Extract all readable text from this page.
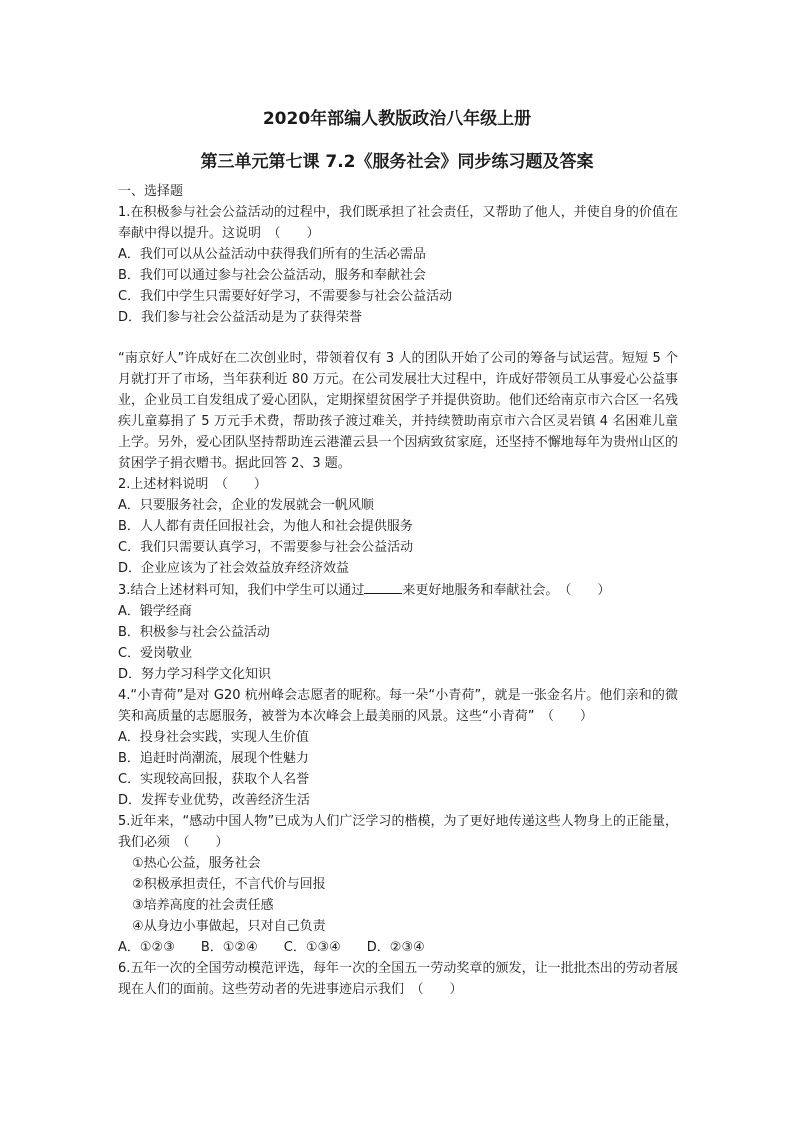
2020年部编人教版政治八年级上册
第三单元第七课 7.2《服务社会》同步练习题及答案

一、选择题

1.在积极参与社会公益活动的过程中，我们既承担了社会责任，又帮助了他人，并使自身的价值在奉献中得以提升。这说明　（　　）

A．我们可以从公益活动中获得我们所有的生活必需品

B．我们可以通过参与社会公益活动，服务和奉献社会

C．我们中学生只需要好好学习，不需要参与社会公益活动

D．我们参与社会公益活动是为了获得荣誉

“南京好人”许成好在二次创业时，带领着仅有 3 人的团队开始了公司的筹备与试运营。短短 5 个月就打开了市场，当年获利近 80 万元。在公司发展壮大过程中，许成好带领员工从事爱心公益事业，企业员工自发组成了爱心团队，定期探望贫困学子并提供资助。他们还给南京市六合区一名残疾儿童募捐了 5 万元手术费，帮助孩子渡过难关，并持续赞助南京市六合区灵岩镇 4 名困难儿童上学。另外，爱心团队坚持帮助连云港灌云县一个因病致贫家庭，还坚持不懈地每年为贵州山区的贫困学子捐衣赠书。据此回答 2、3 题。

2.上述材料说明　（　　）

A．只要服务社会，企业的发展就会一帆风顺

B．人人都有责任回报社会，为他人和社会提供服务

C．我们只需要认真学习，不需要参与社会公益活动

D．企业应该为了社会效益放弃经济效益

3.结合上述材料可知，我们中学生可以通过	来更好地服务和奉献社会。　（　　）

A．锻学经商

B．积极参与社会公益活动

C．爱岗敬业

D．努力学习科学文化知识

4.“小青荷”是对 G20 杭州峰会志愿者的昵称。每一朵“小青荷”，就是一张金名片。他们亲和的微笑和高质量的志愿服务，被誉为本次峰会上最美丽的风景。这些“小青荷”　（　　）

A．投身社会实践，实现人生价值

B．追赶时尚潮流，展现个性魅力

C．实现较高回报，获取个人名誉

D．发挥专业优势，改善经济生活

5.近年来，“感动中国人物”已成为人们广泛学习的楷模，为了更好地传递这些人物身上的正能量，我们必须　（　　）

①热心公益，服务社会

②积极承担责任，不言代价与回报

③培养高度的社会责任感

④从身边小事做起，只对自己负责

A．①②③　　B．①②④　　C．①③④　　D．②③④

6.五年一次的全国劳动模范评选，每年一次的全国五一劳动奖章的颁发，让一批批杰出的劳动者展现在人们的面前。这些劳动者的先进事迹启示我们　（　　）
